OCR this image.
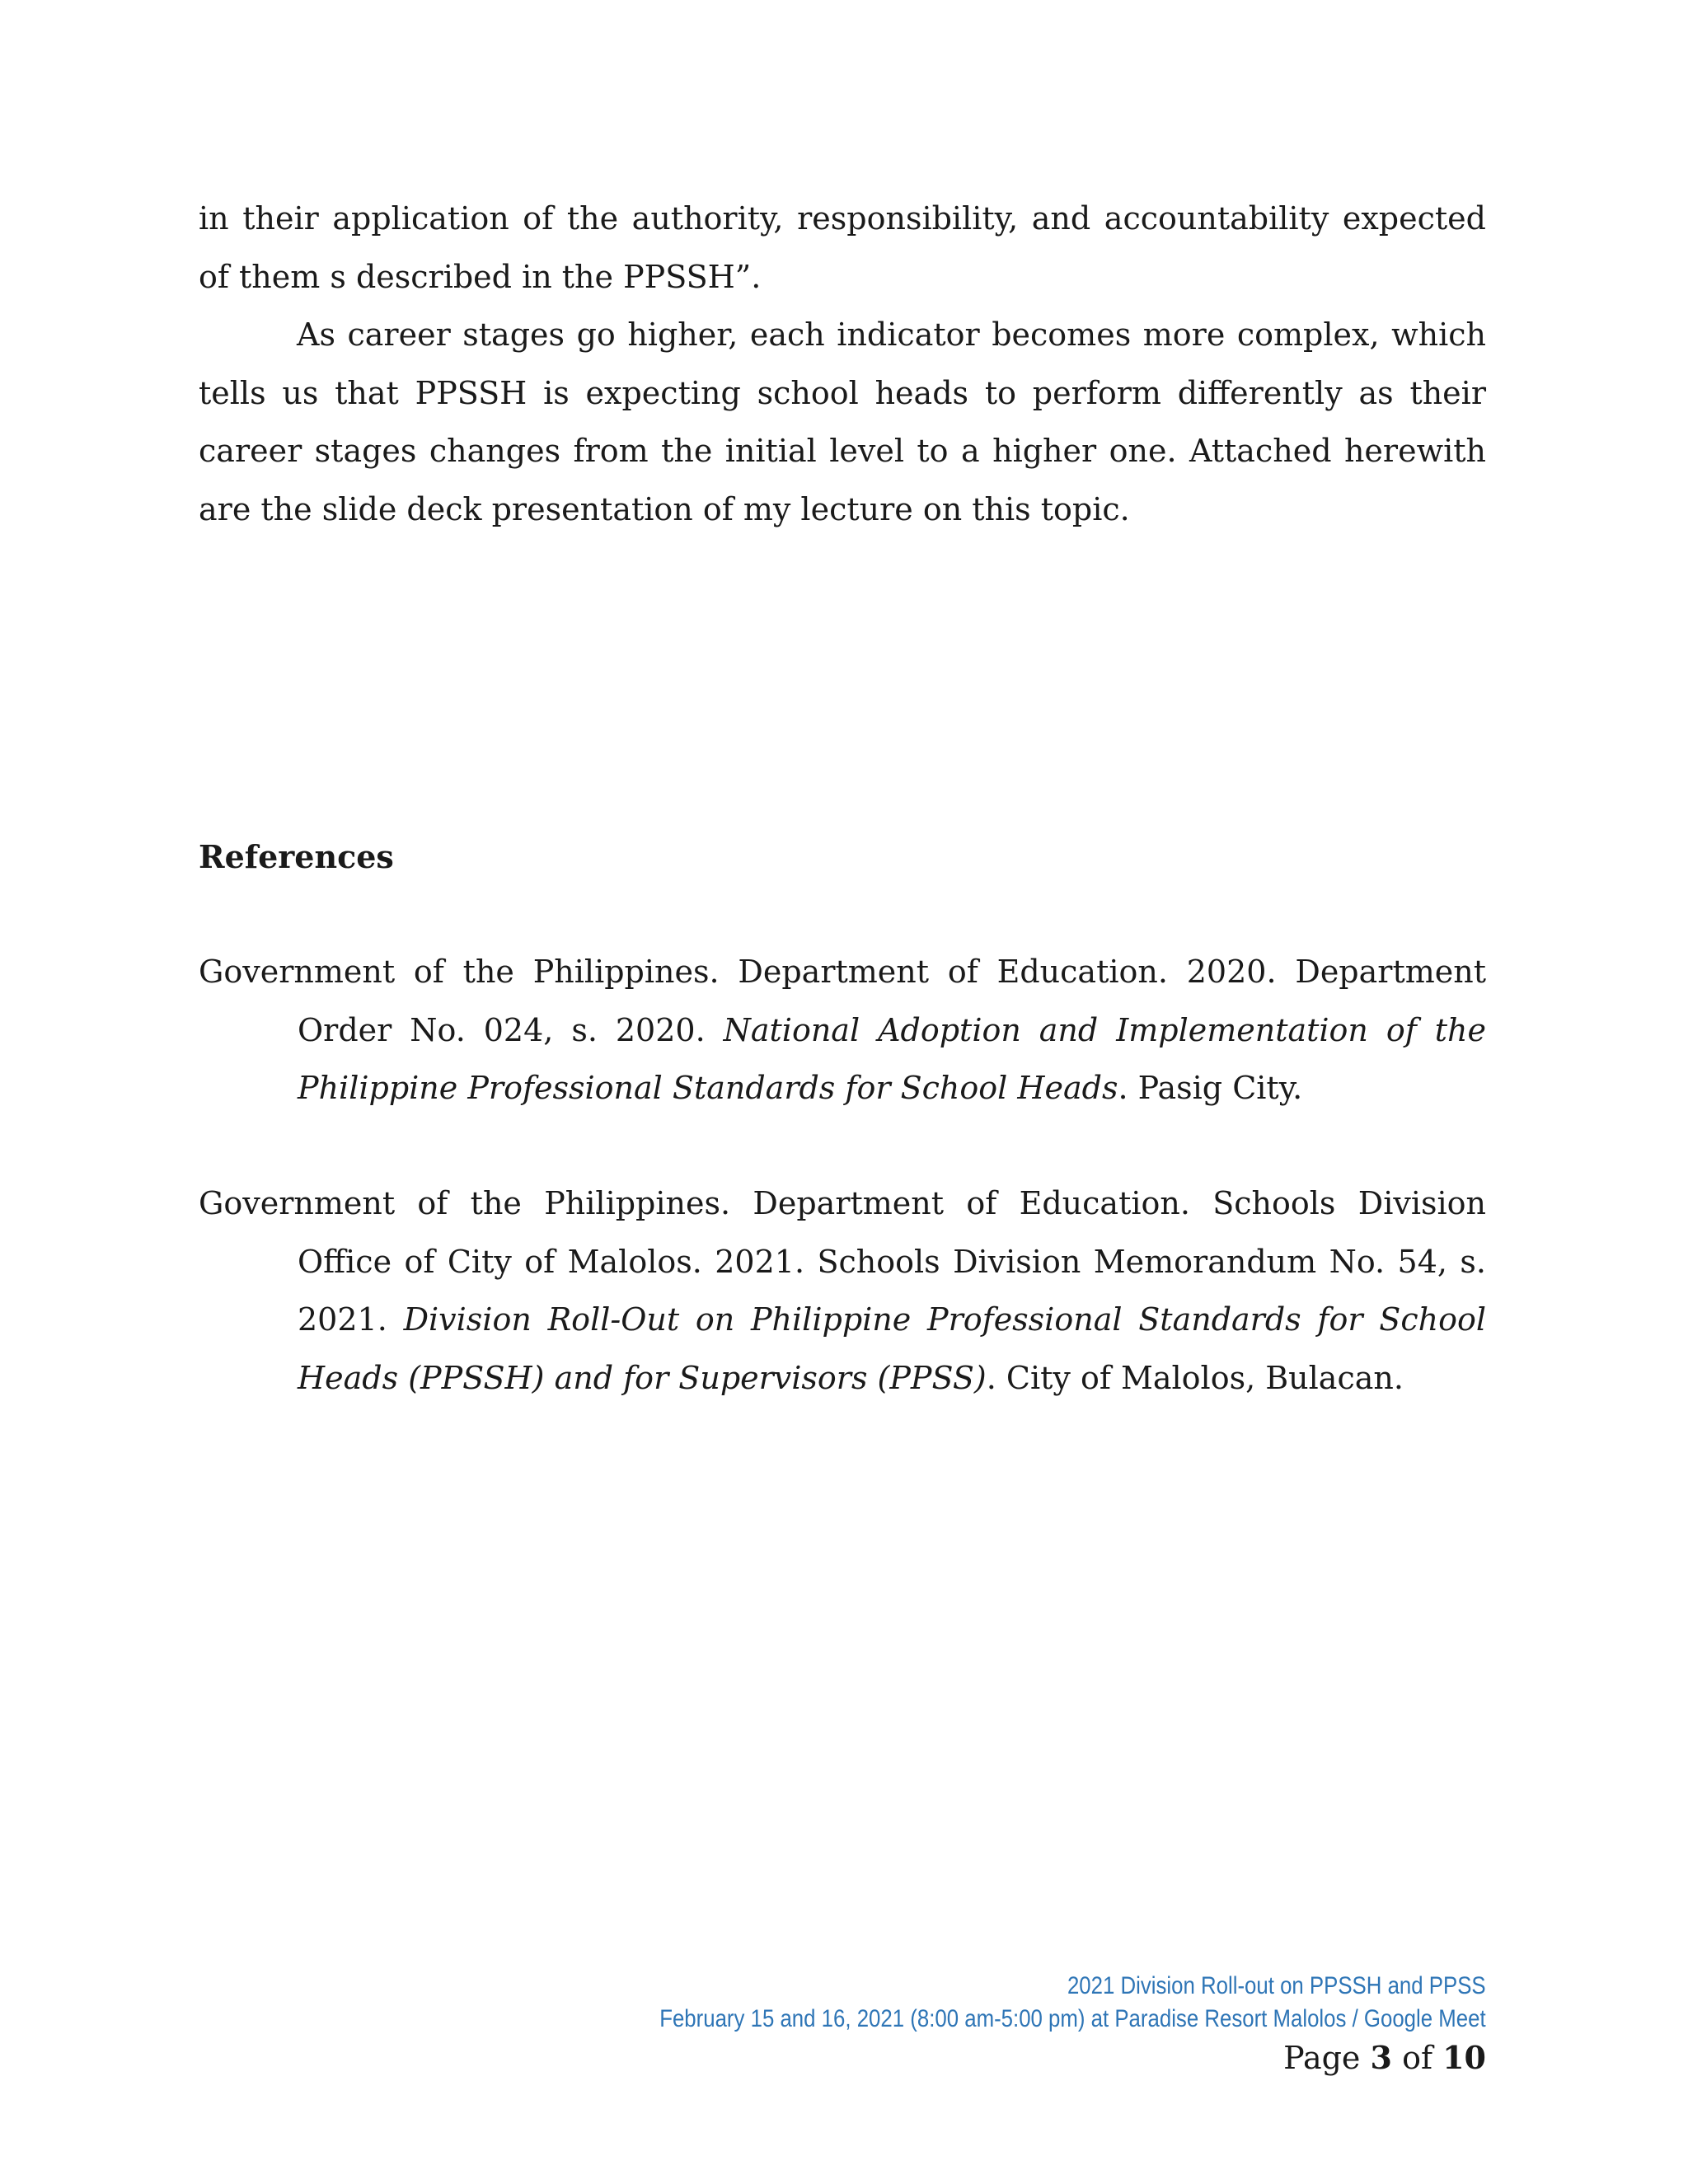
in their application of the authority, responsibility, and accountability expected of them s described in the PPSSH”.

As career stages go higher, each indicator becomes more complex, which tells us that PPSSH is expecting school heads to perform differently as their career stages changes from the initial level to a higher one. Attached herewith are the slide deck presentation of my lecture on this topic.

References

Government of the Philippines. Department of Education. 2020. Department Order No. 024, s. 2020. National Adoption and Implementation of the Philippine Professional Standards for School Heads. Pasig City.

Government of the Philippines. Department of Education. Schools Division Office of City of Malolos. 2021. Schools Division Memorandum No. 54, s. 2021. Division Roll-Out on Philippine Professional Standards for School Heads (PPSSH) and for Supervisors (PPSS). City of Malolos, Bulacan.

2021 Division Roll-out on PPSSH and PPSS
February 15 and 16, 2021 (8:00 am-5:00 pm) at Paradise Resort Malolos / Google Meet
Page 3 of 10
